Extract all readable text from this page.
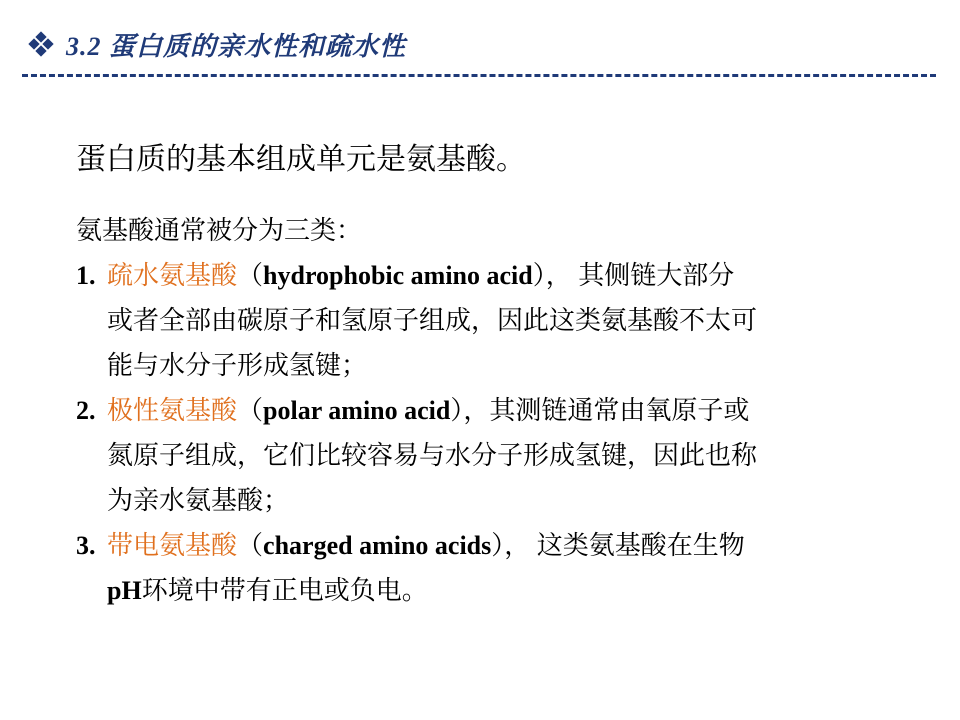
3.2 蛋白质的亲水性和疏水性
蛋白质的基本组成单元是氨基酸。
氨基酸通常被分为三类：
1. 疏水氨基酸（hydrophobic amino acid）， 其侧链大部分
或者全部由碳原子和氢原子组成，因此这类氨基酸不太可
能与水分子形成氢键；
2. 极性氨基酸（polar amino acid），其测链通常由氧原子或
氮原子组成，它们比较容易与水分子形成氢键，因此也称
为亲水氨基酸；
3. 带电氨基酸（charged amino acids）， 这类氨基酸在生物
pH环境中带有正电或负电。
